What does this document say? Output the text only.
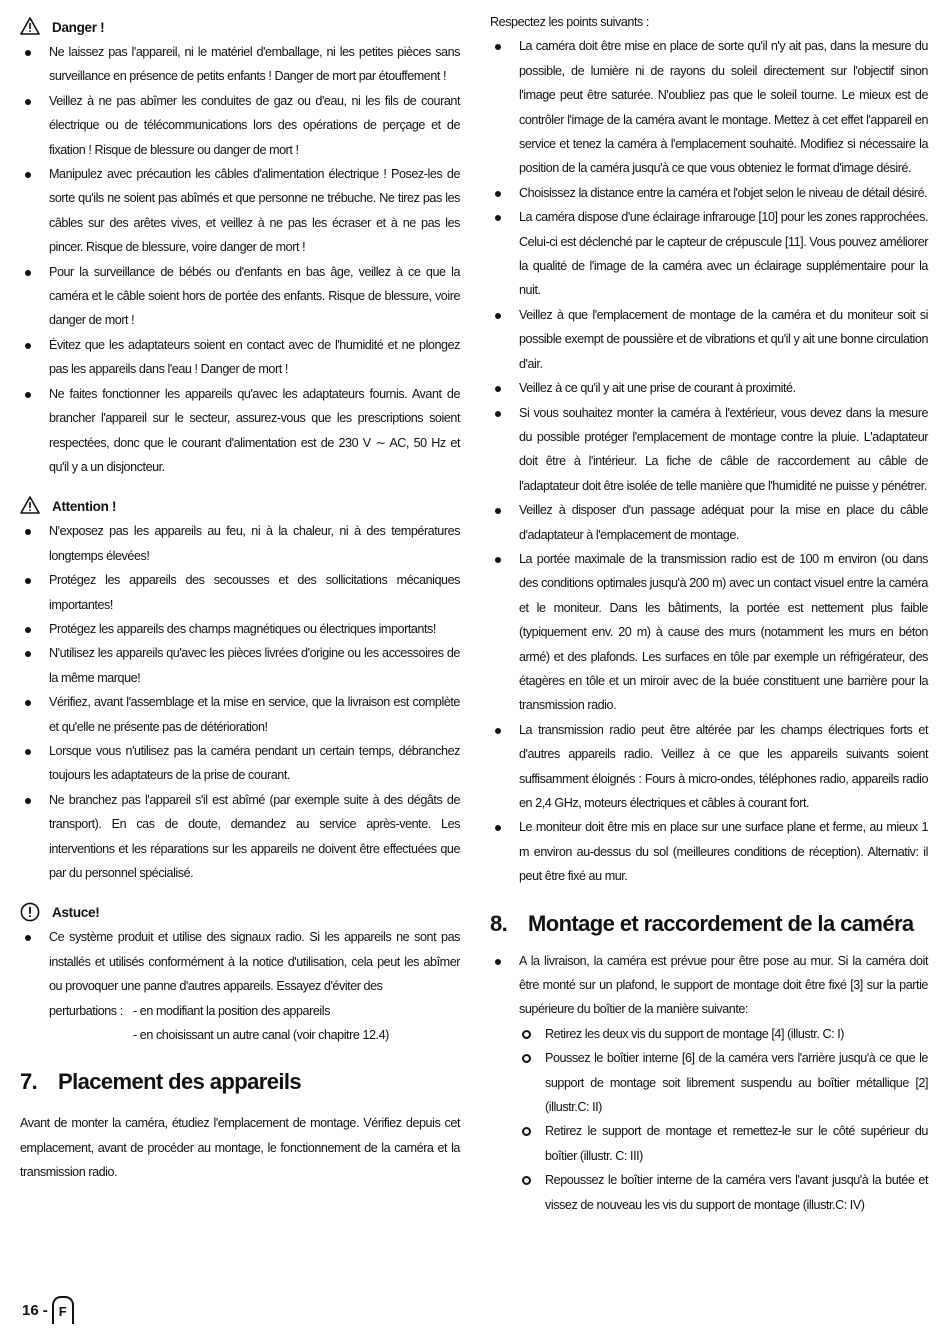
Danger !
Ne laissez pas l'appareil, ni le matériel d'emballage, ni les petites pièces sans surveillance en présence de petits enfants ! Danger de mort par étouffement !
Veillez à ne pas abîmer les conduites de gaz ou d'eau, ni les fils de courant électrique ou de télécommunications lors des opérations de perçage et de fixation ! Risque de blessure ou danger de mort !
Manipulez avec précaution les câbles d'alimentation électrique ! Posez-les de sorte qu'ils ne soient pas abîmés et que personne ne trébuche. Ne tirez pas les câbles sur des arêtes vives, et veillez à ne pas les écraser et à ne pas les pincer. Risque de blessure, voire danger de mort !
Pour la surveillance de bébés ou d'enfants en bas âge, veillez à ce que la caméra et le câble soient hors de portée des enfants. Risque de blessure, voire danger de mort !
Évitez que les adaptateurs soient en contact avec de l'humidité et ne plongez pas les appareils dans l'eau ! Danger de mort !
Ne faites fonctionner les appareils qu'avec les adaptateurs fournis. Avant de brancher l'appareil sur le secteur, assurez-vous que les prescriptions soient respectées, donc que le courant d'alimentation est de 230 V ∼ AC, 50 Hz et qu'il y a un disjoncteur.
Attention !
N'exposez pas les appareils au feu, ni à la chaleur, ni à des températures longtemps élevées!
Protégez les appareils des secousses et des sollicitations mécaniques importantes!
Protégez les appareils des champs magnétiques ou électriques importants!
N'utilisez les appareils qu'avec les pièces livrées d'origine ou les accessoires de la même marque!
Vérifiez, avant l'assemblage et la mise en service, que la livraison est complète et qu'elle ne présente pas de détérioration!
Lorsque vous n'utilisez pas la caméra pendant un certain temps, débranchez toujours les adaptateurs de la prise de courant.
Ne branchez pas l'appareil s'il est abîmé (par exemple suite à des dégâts de transport). En cas de doute, demandez au service après-vente. Les interventions et les réparations sur les appareils ne doivent être effectuées que par du personnel spécialisé.
Astuce!
Ce système produit et utilise des signaux radio. Si les appareils ne sont pas installés et utilisés conformément à la notice d'utilisation, cela peut les abîmer ou provoquer une panne d'autres appareils. Essayez d'éviter des
perturbations : - en modifiant la position des appareils
- en choisissant un autre canal (voir chapitre 12.4)
7. Placement des appareils

Avant de monter la caméra, étudiez l'emplacement de montage. Vérifiez depuis cet emplacement, avant de procéder au montage, le fonctionnement de la caméra et la transmission radio.

Respectez les points suivants :

La caméra doit être mise en place de sorte qu'il n'y ait pas, dans la mesure du possible, de lumière ni de rayons du soleil directement sur l'objectif sinon l'image peut être saturée. N'oubliez pas que le soleil tourne. Le mieux est de contrôler l'image de la caméra avant le montage. Mettez à cet effet l'appareil en service et tenez la caméra à l'emplacement souhaité. Modifiez si nécessaire la position de la caméra jusqu'à ce que vous obteniez le format d'image désiré.
Choisissez la distance entre la caméra et l'objet selon le niveau de détail désiré.
La caméra dispose d'une éclairage infrarouge [10] pour les zones rapprochées. Celui-ci est déclenché par le capteur de crépuscule [11]. Vous pouvez améliorer la qualité de l'image de la caméra avec un éclairage supplémentaire pour la nuit.
Veillez à que l'emplacement de montage de la caméra et du moniteur soit si possible exempt de poussière et de vibrations et qu'il y ait une bonne circulation d'air.
Veillez à ce qu'il y ait une prise de courant à proximité.
Si vous souhaitez monter la caméra à l'extérieur, vous devez dans la mesure du possible protéger l'emplacement de montage contre la pluie. L'adaptateur doit être à l'intérieur. La fiche de câble de raccordement au câble de l'adaptateur doit être isolée de telle manière que l'humidité ne puisse y pénétrer.
Veillez à disposer d'un passage adéquat pour la mise en place du câble d'adaptateur à l'emplacement de montage.
La portée maximale de la transmission radio est de 100 m environ (ou dans des conditions optimales jusqu'à 200 m) avec un contact visuel entre la caméra et le moniteur. Dans les bâtiments, la portée est nettement plus faible (typiquement env. 20 m) à cause des murs (notamment les murs en béton armé) et des plafonds. Les surfaces en tôle par exemple un réfrigérateur, des étagères en tôle et un miroir avec de la buée constituent une barrière pour la transmission radio.
La transmission radio peut être altérée par les champs électriques forts et d'autres appareils radio. Veillez à ce que les appareils suivants soient suffisamment éloignés : Fours à micro-ondes, téléphones radio, appareils radio en 2,4 GHz, moteurs électriques et câbles à courant fort.
Le moniteur doit être mis en place sur une surface plane et ferme, au mieux 1 m environ au-dessus du sol (meilleures conditions de réception). Alternativ: il peut être fixé au mur.
8. Montage et raccordement de la caméra
A la livraison, la caméra est prévue pour être pose au mur. Si la caméra doit être monté sur un plafond, le support de montage doit être fixé [3] sur la partie supérieure du boîtier de la manière suivante:
Retirez les deux vis du support de montage [4] (illustr. C: I)
Poussez le boîtier interne [6] de la caméra vers l'arrière jusqu'à ce que le support de montage soit librement suspendu au boîtier métallique [2] (illustr.C: II)
Retirez le support de montage et remettez-le sur le côté supérieur du boîtier (illustr. C: III)
Repoussez le boîtier interne de la caméra vers l'avant jusqu'à la butée et vissez de nouveau les vis du support de montage (illustr.C: IV)
16 - F
